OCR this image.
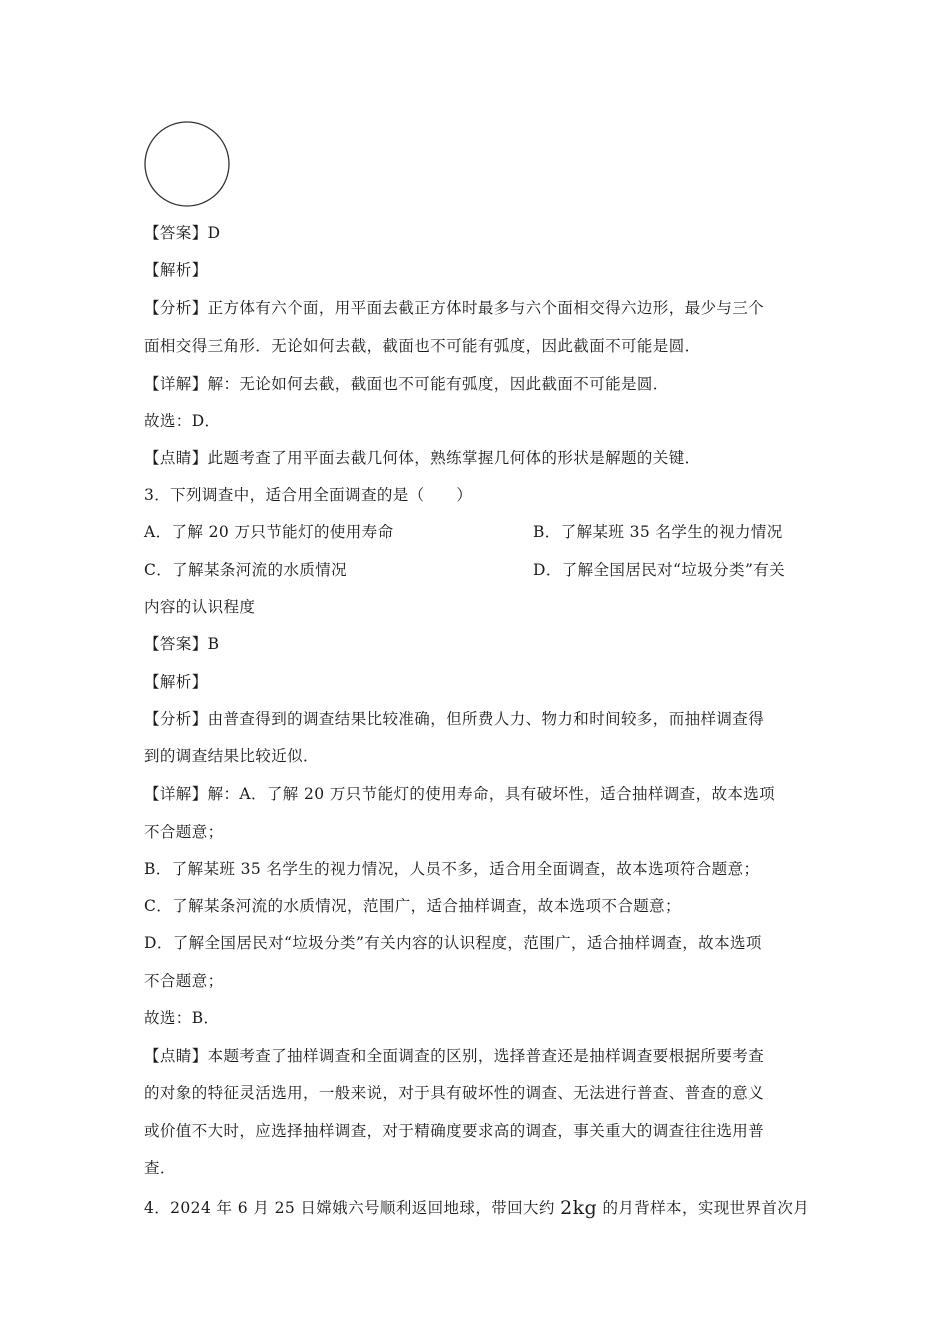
【答案】D
【解析】
【分析】正方体有六个面，用平面去截正方体时最多与六个面相交得六边形，最少与三个
面相交得三角形．无论如何去截，截面也不可能有弧度，因此截面不可能是圆．
【详解】解：无论如何去截，截面也不可能有弧度，因此截面不可能是圆．
故选：D．
【点睛】此题考查了用平面去截几何体，熟练掌握几何体的形状是解题的关键．
3．下列调查中，适合用全面调查的是（　　）
A．了解 20 万只节能灯的使用寿命	B．了解某班 35 名学生的视力情况
C．了解某条河流的水质情况	D．了解全国居民对“垃圾分类”有关
内容的认识程度
【答案】B
【解析】
【分析】由普查得到的调查结果比较准确，但所费人力、物力和时间较多，而抽样调查得
到的调查结果比较近似．
【详解】解：A．了解 20 万只节能灯的使用寿命，具有破坏性，适合抽样调查，故本选项
不合题意；
B．了解某班 35 名学生的视力情况，人员不多，适合用全面调查，故本选项符合题意；
C．了解某条河流的水质情况，范围广，适合抽样调查，故本选项不合题意；
D．了解全国居民对“垃圾分类”有关内容的认识程度，范围广，适合抽样调查，故本选项
不合题意；
故选：B．
【点睛】本题考查了抽样调查和全面调查的区别，选择普查还是抽样调查要根据所要考查
的对象的特征灵活选用，一般来说，对于具有破坏性的调查、无法进行普查、普查的意义
或价值不大时，应选择抽样调查，对于精确度要求高的调查，事关重大的调查往往选用普
查．
4．2024 年 6 月 25 日嫦娥六号顺利返回地球，带回大约 2kg 的月背样本，实现世界首次月
